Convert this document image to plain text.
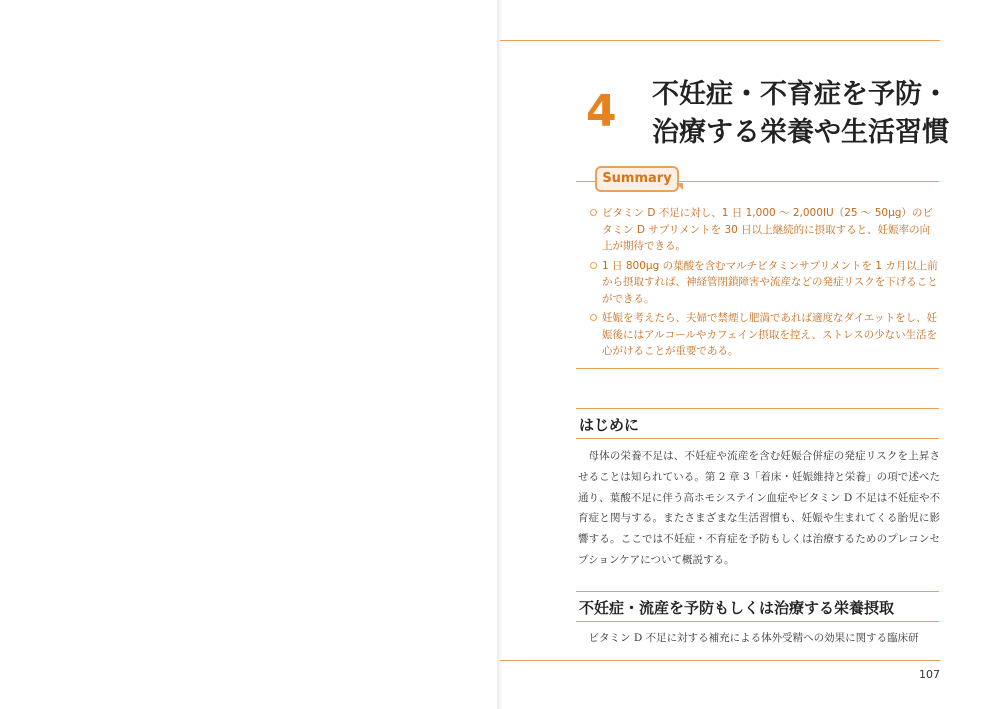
4	不妊症・不育症を予防・
治療する栄養や生活習慣
Summary
ビタミン D 不足に対し、1 日 1,000 ～ 2,000IU（25 ～ 50μg）のビタミン D サプリメントを 30 日以上継続的に摂取すると、妊娠率の向上が期待できる。
1 日 800μg の葉酸を含むマルチビタミンサプリメントを 1 カ月以上前から摂取すれば、神経管閉鎖障害や流産などの発症リスクを下げることができる。
妊娠を考えたら、夫婦で禁煙し肥満であれば適度なダイエットをし、妊娠後にはアルコールやカフェイン摂取を控え、ストレスの少ない生活を心がけることが重要である。
はじめに

母体の栄養不足は、不妊症や流産を含む妊娠合併症の発症リスクを上昇させることは知られている。第 2 章 3「着床・妊娠維持と栄養」の項で述べた通り、葉酸不足に伴う高ホモシステイン血症やビタミン D 不足は不妊症や不育症と関与する。またさまざまな生活習慣も、妊娠や生まれてくる胎児に影響する。ここでは不妊症・不育症を予防もしくは治療するためのプレコンセプションケアについて概説する。

不妊症・流産を予防もしくは治療する栄養摂取

ビタミン D 不足に対する補充による体外受精への効果に関する臨床研

107
